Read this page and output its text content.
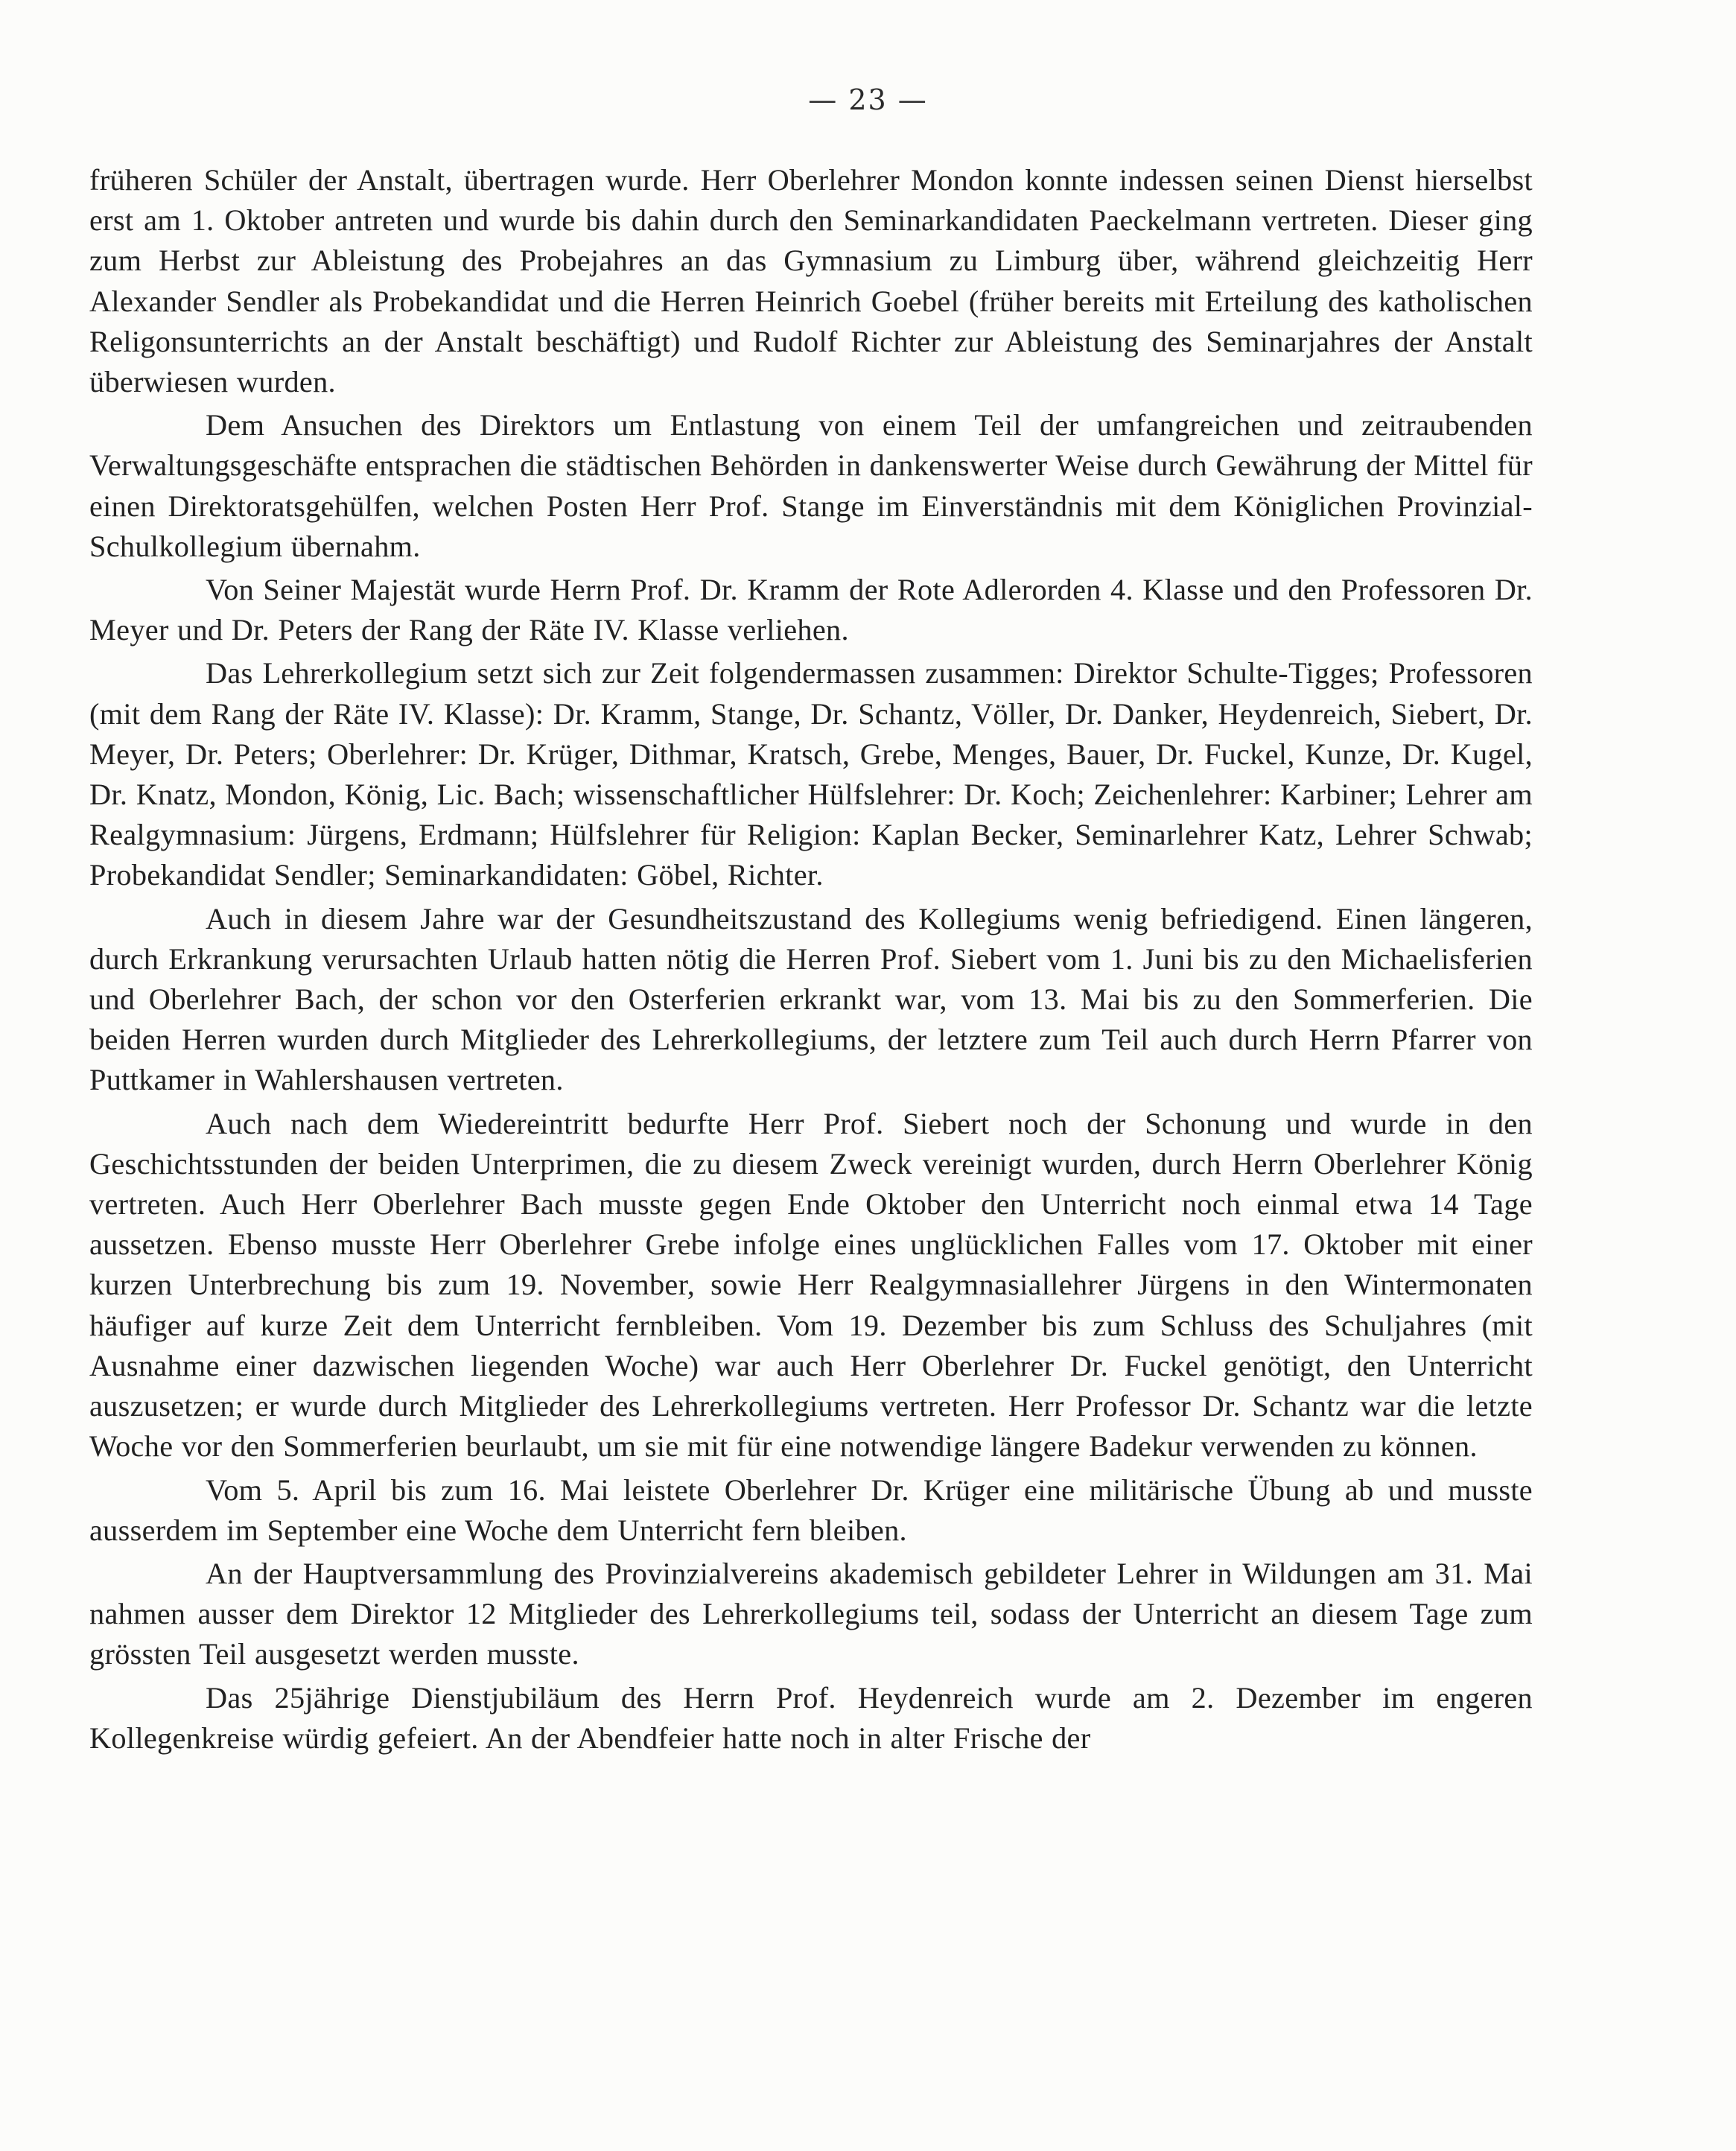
— 23 —

früheren Schüler der Anstalt, übertragen wurde. Herr Oberlehrer Mondon konnte indessen seinen Dienst hierselbst erst am 1. Oktober antreten und wurde bis dahin durch den Seminarkandidaten Paeckelmann vertreten. Dieser ging zum Herbst zur Ableistung des Probejahres an das Gymnasium zu Limburg über, während gleichzeitig Herr Alexander Sendler als Probekandidat und die Herren Heinrich Goebel (früher bereits mit Erteilung des katholischen Religonsunterrichts an der Anstalt beschäftigt) und Rudolf Richter zur Ableistung des Seminarjahres der Anstalt überwiesen wurden.

Dem Ansuchen des Direktors um Entlastung von einem Teil der umfangreichen und zeitraubenden Verwaltungsgeschäfte entsprachen die städtischen Behörden in dankenswerter Weise durch Gewährung der Mittel für einen Direktoratsgehülfen, welchen Posten Herr Prof. Stange im Einverständnis mit dem Königlichen Provinzial-Schulkollegium übernahm.

Von Seiner Majestät wurde Herrn Prof. Dr. Kramm der Rote Adlerorden 4. Klasse und den Professoren Dr. Meyer und Dr. Peters der Rang der Räte IV. Klasse verliehen.

Das Lehrerkollegium setzt sich zur Zeit folgendermassen zusammen: Direktor Schulte-Tigges; Professoren (mit dem Rang der Räte IV. Klasse): Dr. Kramm, Stange, Dr. Schantz, Völler, Dr. Danker, Heydenreich, Siebert, Dr. Meyer, Dr. Peters; Oberlehrer: Dr. Krüger, Dithmar, Kratsch, Grebe, Menges, Bauer, Dr. Fuckel, Kunze, Dr. Kugel, Dr. Knatz, Mondon, König, Lic. Bach; wissenschaftlicher Hülfslehrer: Dr. Koch; Zeichenlehrer: Karbiner; Lehrer am Realgymnasium: Jürgens, Erdmann; Hülfslehrer für Religion: Kaplan Becker, Seminarlehrer Katz, Lehrer Schwab; Probekandidat Sendler; Seminarkandidaten: Göbel, Richter.

Auch in diesem Jahre war der Gesundheitszustand des Kollegiums wenig befriedigend. Einen längeren, durch Erkrankung verursachten Urlaub hatten nötig die Herren Prof. Siebert vom 1. Juni bis zu den Michaelisferien und Oberlehrer Bach, der schon vor den Osterferien erkrankt war, vom 13. Mai bis zu den Sommerferien. Die beiden Herren wurden durch Mitglieder des Lehrerkollegiums, der letztere zum Teil auch durch Herrn Pfarrer von Puttkamer in Wahlershausen vertreten.

Auch nach dem Wiedereintritt bedurfte Herr Prof. Siebert noch der Schonung und wurde in den Geschichtsstunden der beiden Unterprimen, die zu diesem Zweck vereinigt wurden, durch Herrn Oberlehrer König vertreten. Auch Herr Oberlehrer Bach musste gegen Ende Oktober den Unterricht noch einmal etwa 14 Tage aussetzen. Ebenso musste Herr Oberlehrer Grebe infolge eines unglücklichen Falles vom 17. Oktober mit einer kurzen Unterbrechung bis zum 19. November, sowie Herr Realgymnasiallehrer Jürgens in den Wintermonaten häufiger auf kurze Zeit dem Unterricht fernbleiben. Vom 19. Dezember bis zum Schluss des Schuljahres (mit Ausnahme einer dazwischen liegenden Woche) war auch Herr Oberlehrer Dr. Fuckel genötigt, den Unterricht auszusetzen; er wurde durch Mitglieder des Lehrerkollegiums vertreten. Herr Professor Dr. Schantz war die letzte Woche vor den Sommerferien beurlaubt, um sie mit für eine notwendige längere Badekur verwenden zu können.

Vom 5. April bis zum 16. Mai leistete Oberlehrer Dr. Krüger eine militärische Übung ab und musste ausserdem im September eine Woche dem Unterricht fern bleiben.

An der Hauptversammlung des Provinzialvereins akademisch gebildeter Lehrer in Wildungen am 31. Mai nahmen ausser dem Direktor 12 Mitglieder des Lehrerkollegiums teil, sodass der Unterricht an diesem Tage zum grössten Teil ausgesetzt werden musste.

Das 25jährige Dienstjubiläum des Herrn Prof. Heydenreich wurde am 2. Dezember im engeren Kollegenkreise würdig gefeiert. An der Abendfeier hatte noch in alter Frische der
